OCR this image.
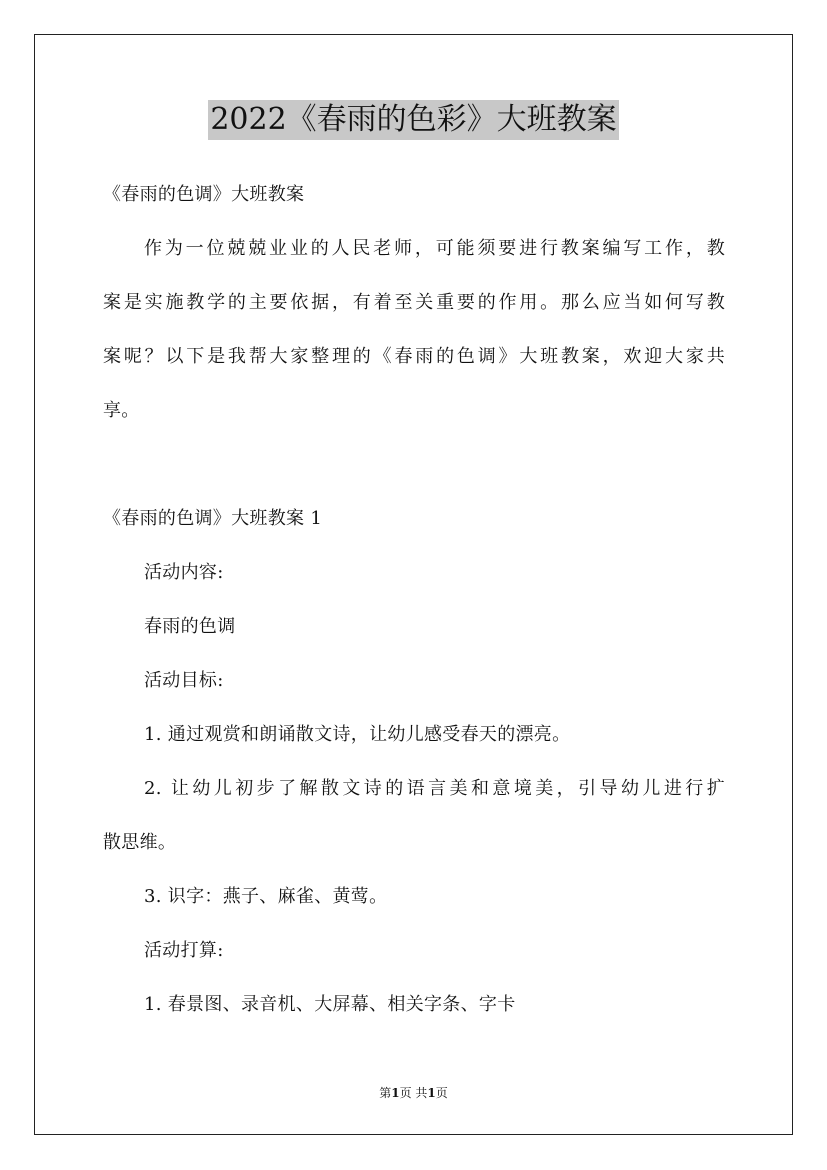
2022《春雨的色彩》大班教案
《春雨的色调》大班教案
作为一位兢兢业业的人民老师，可能须要进行教案编写工作，教
案是实施教学的主要依据，有着至关重要的作用。那么应当如何写教
案呢？以下是我帮大家整理的《春雨的色调》大班教案，欢迎大家共
享。
《春雨的色调》大班教案 1
活动内容:
春雨的色调
活动目标:
1. 通过观赏和朗诵散文诗，让幼儿感受春天的漂亮。
2. 让幼儿初步了解散文诗的语言美和意境美，引导幼儿进行扩
散思维。
3. 识字：燕子、麻雀、黄莺。
活动打算:
1. 春景图、录音机、大屏幕、相关字条、字卡
第1页 共1页
